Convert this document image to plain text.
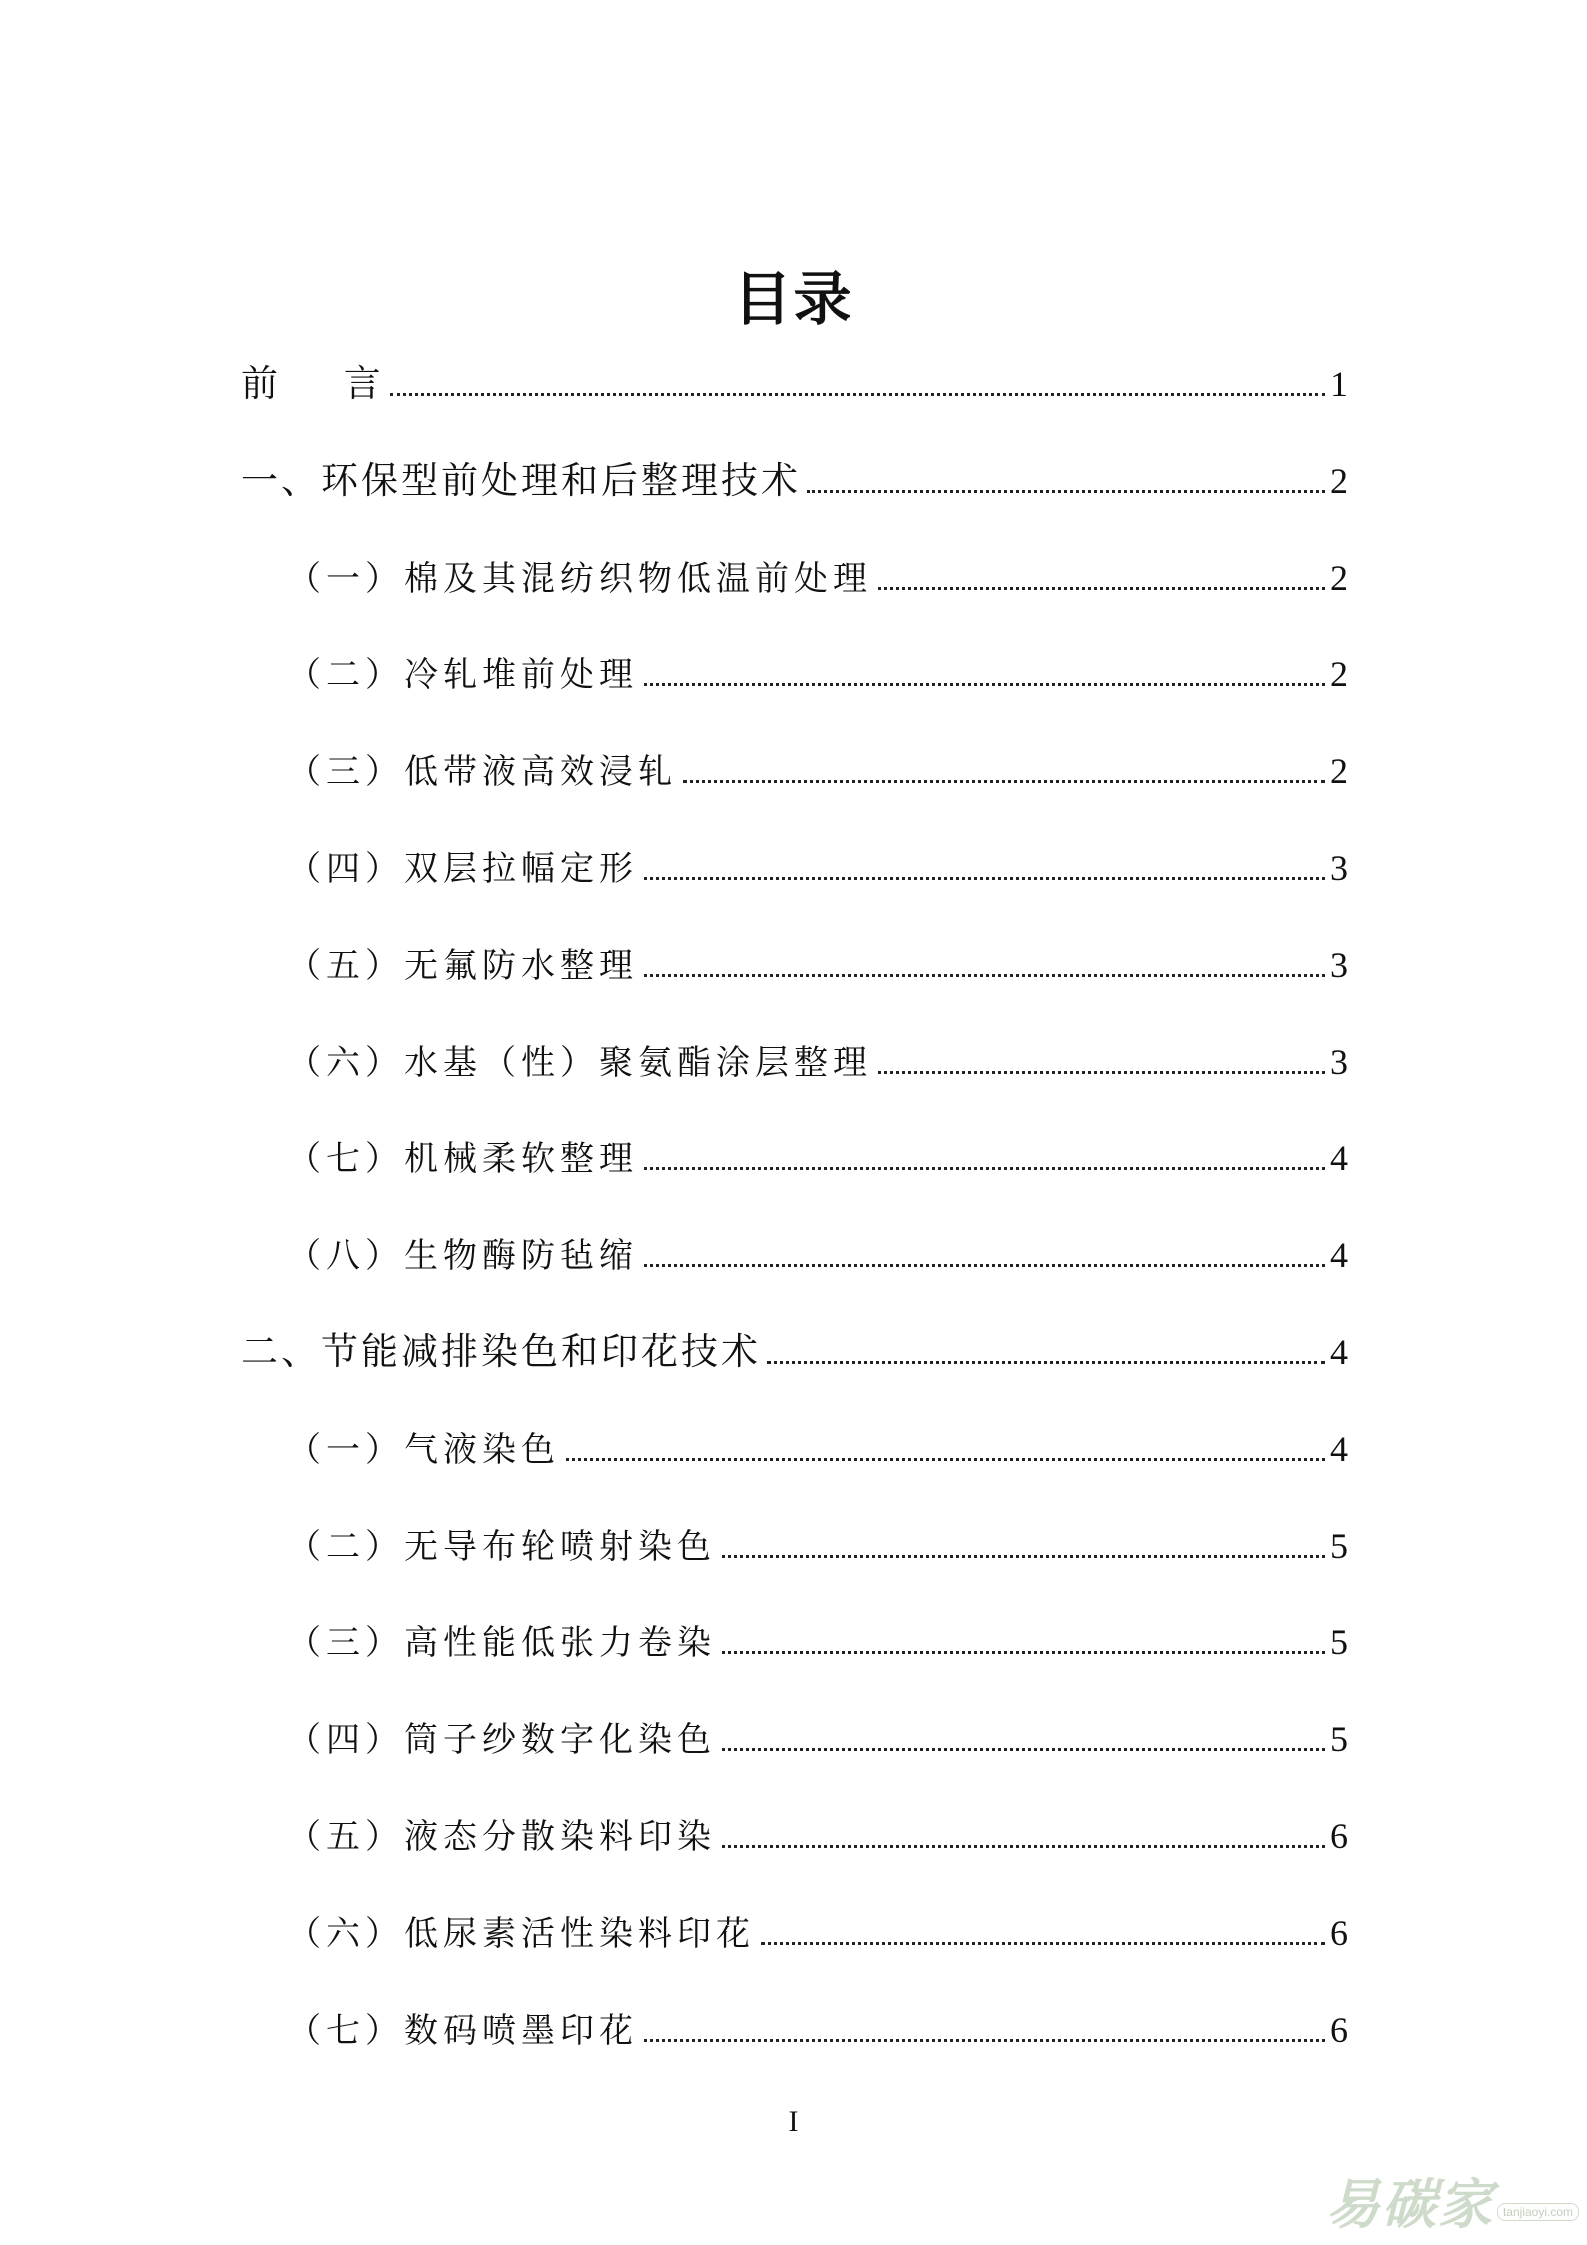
目录
前 言	1
一、环保型前处理和后整理技术	2
（一）棉及其混纺织物低温前处理	2
（二）冷轧堆前处理	2
（三）低带液高效浸轧	2
（四）双层拉幅定形	3
（五）无氟防水整理	3
（六）水基（性）聚氨酯涂层整理	3
（七）机械柔软整理	4
（八）生物酶防毡缩	4
二、节能减排染色和印花技术	4
（一）气液染色	4
（二）无导布轮喷射染色	5
（三）高性能低张力卷染	5
（四）筒子纱数字化染色	5
（五）液态分散染料印染	6
（六）低尿素活性染料印花	6
（七）数码喷墨印花	6
I
易碳家 tanjiaoyi.com
